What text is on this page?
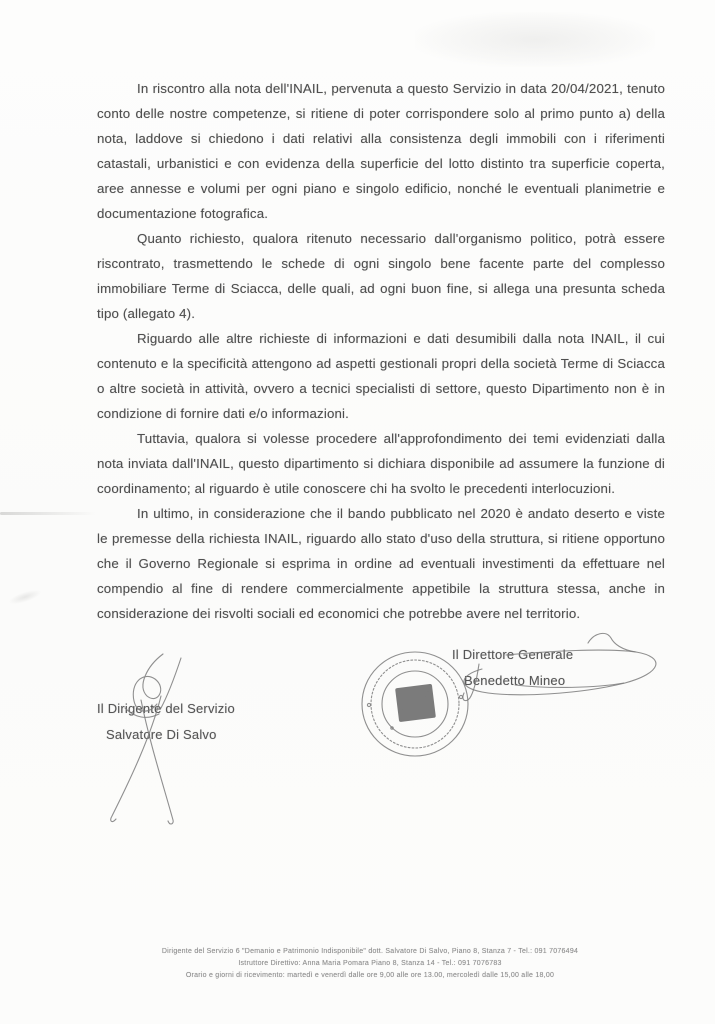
In riscontro alla nota dell'INAIL, pervenuta a questo Servizio in data 20/04/2021, tenuto conto delle nostre competenze, si ritiene di poter corrispondere solo al primo punto a) della nota, laddove si chiedono i dati relativi alla consistenza degli immobili con i riferimenti catastali, urbanistici e con evidenza della superficie del lotto distinto tra superficie coperta, aree annesse e volumi per ogni piano e singolo edificio, nonché le eventuali planimetrie e documentazione fotografica.

Quanto richiesto, qualora ritenuto necessario dall'organismo politico, potrà essere riscontrato, trasmettendo le schede di ogni singolo bene facente parte del complesso immobiliare Terme di Sciacca, delle quali, ad ogni buon fine, si allega una presunta scheda tipo (allegato 4).

Riguardo alle altre richieste di informazioni e dati desumibili dalla nota INAIL, il cui contenuto e la specificità attengono ad aspetti gestionali propri della società Terme di Sciacca o altre società in attività, ovvero a tecnici specialisti di settore, questo Dipartimento non è in condizione di fornire dati e/o informazioni.

Tuttavia, qualora si volesse procedere all'approfondimento dei temi evidenziati dalla nota inviata dall'INAIL, questo dipartimento si dichiara disponibile ad assumere la funzione di coordinamento; al riguardo è utile conoscere chi ha svolto le precedenti interlocuzioni.

In ultimo, in considerazione che il bando pubblicato nel 2020 è andato deserto e viste le premesse della richiesta INAIL, riguardo allo stato d'uso della struttura, si ritiene opportuno che il Governo Regionale si esprima in ordine ad eventuali investimenti da effettuare nel compendio al fine di rendere commercialmente appetibile la struttura stessa, anche in considerazione dei risvolti sociali ed economici che potrebbe avere nel territorio.

Il Direttore Generale
Benedetto Mineo
Il Dirigente del Servizio
Salvatore Di Salvo
Dirigente del Servizio 6 "Demanio e Patrimonio Indisponibile" dott. Salvatore Di Salvo, Piano 8, Stanza 7 - Tel.: 091 7076494
Istruttore Direttivo: Anna Maria Pomara Piano 8, Stanza 14 - Tel.: 091 7076783
Orario e giorni di ricevimento: martedì e venerdì dalle ore 9,00 alle ore 13.00, mercoledì dalle 15,00 alle 18,00
